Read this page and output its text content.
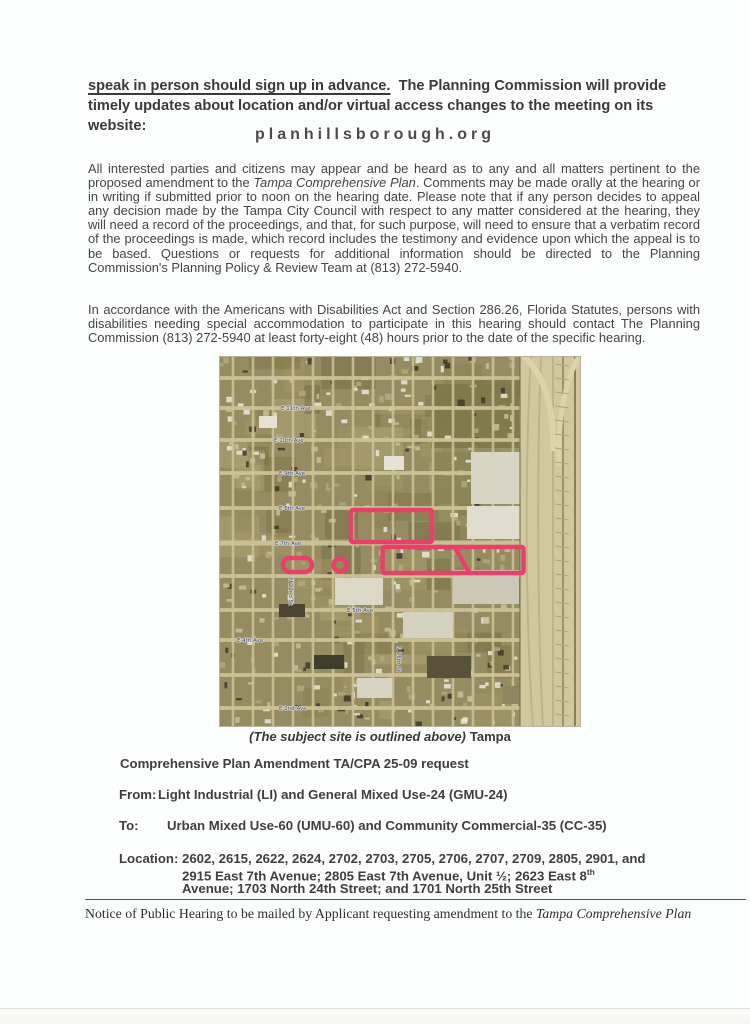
speak in person should sign up in advance.  The Planning Commission will provide timely updates about location and/or virtual access changes to the meeting on its website:	planhillsborough.org
All interested parties and citizens may appear and be heard as to any and all matters pertinent to the proposed amendment to the Tampa Comprehensive Plan. Comments may be made orally at the hearing or in writing if submitted prior to noon on the hearing date. Please note that if any person decides to appeal any decision made by the Tampa City Council with respect to any matter considered at the hearing, they will need a record of the proceedings, and that, for such purpose, will need to ensure that a verbatim record of the proceedings is made, which record includes the testimony and evidence upon which the appeal is to be based. Questions or requests for additional information should be directed to the Planning Commission's Planning Policy & Review Team at (813) 272-5940.
In accordance with the Americans with Disabilities Act and Section 286.26, Florida Statutes, persons with disabilities needing special accommodation to participate in this hearing should contact The Planning Commission (813) 272-5940 at least forty-eight (48) hours prior to the date of the specific hearing.
E 11th Ave
E 10th Ave
E 9th Ave
E 8th Ave
E 7th Ave
E 5th Ave
E 4th Ave
E 2nd Ave
N 22nd St
N 26th St
(The subject site is outlined above) Tampa
Comprehensive Plan Amendment TA/CPA 25-09 request
From: Light Industrial (LI) and General Mixed Use-24 (GMU-24)
To: Urban Mixed Use-60 (UMU-60) and Community Commercial-35 (CC-35)
Location: 2602, 2615, 2622, 2624, 2702, 2703, 2705, 2706, 2707, 2709, 2805, 2901, and
2915 East 7th Avenue; 2805 East 7th Avenue, Unit ½; 2623 East 8th
Avenue; 1703 North 24th Street; and 1701 North 25th Street
Notice of Public Hearing to be mailed by Applicant requesting amendment to the Tampa Comprehensive Plan
